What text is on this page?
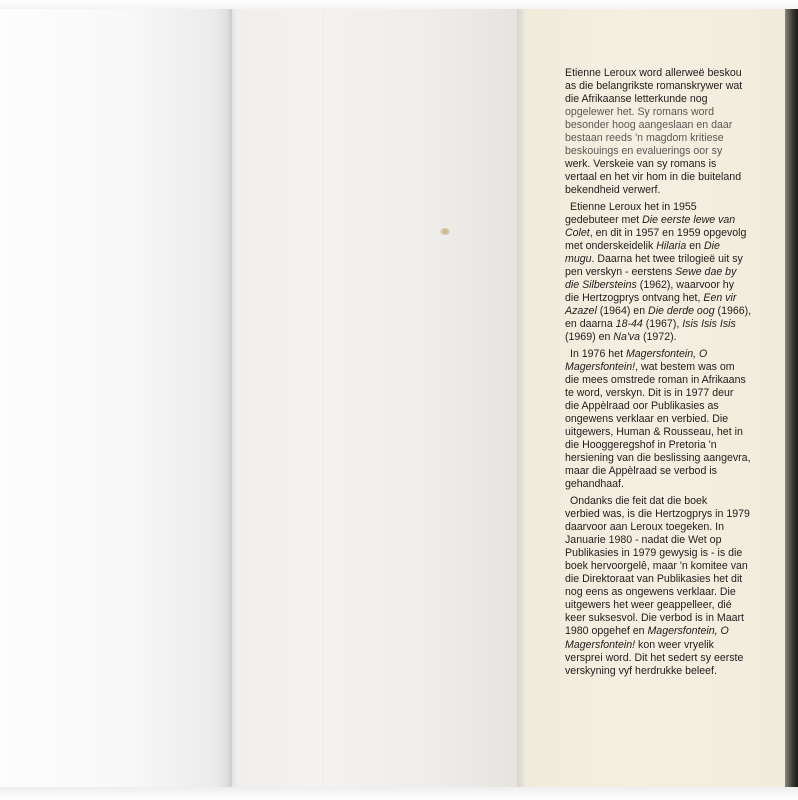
Etienne Leroux word allerweë beskou
as die belangrikste romanskrywer wat
die Afrikaanse letterkunde nog
opgelewer het. Sy romans word
besonder hoog aangeslaan en daar
bestaan reeds 'n magdom kritiese
beskouings en evaluerings oor sy
werk. Verskeie van sy romans is
vertaal en het vir hom in die buiteland
bekendheid verwerf.
Etienne Leroux het in 1955
gedebuteer met Die eerste lewe van
Colet, en dit in 1957 en 1959 opgevolg
met onderskeidelik Hilaria en Die
mugu. Daarna het twee trilogieë uit sy
pen verskyn - eerstens Sewe dae by
die Silbersteins (1962), waarvoor hy
die Hertzogprys ontvang het, Een vir
Azazel (1964) en Die derde oog (1966),
en daarna 18-44 (1967), Isis Isis Isis
(1969) en Na'va (1972).
In 1976 het Magersfontein, O
Magersfontein!, wat bestem was om
die mees omstrede roman in Afrikaans
te word, verskyn. Dit is in 1977 deur
die Appèlraad oor Publikasies as
ongewens verklaar en verbied. Die
uitgewers, Human & Rousseau, het in
die Hooggeregshof in Pretoria 'n
hersiening van die beslissing aangevra,
maar die Appèlraad se verbod is
gehandhaaf.
Ondanks die feit dat die boek
verbied was, is die Hertzogprys in 1979
daarvoor aan Leroux toegeken. In
Januarie 1980 - nadat die Wet op
Publikasies in 1979 gewysig is - is die
boek hervoorgelê, maar 'n komitee van
die Direktoraat van Publikasies het dit
nog eens as ongewens verklaar. Die
uitgewers het weer geappelleer, dié
keer suksesvol. Die verbod is in Maart
1980 opgehef en Magersfontein, O
Magersfontein! kon weer vryelik
versprei word. Dit het sedert sy eerste
verskyning vyf herdrukke beleef.
